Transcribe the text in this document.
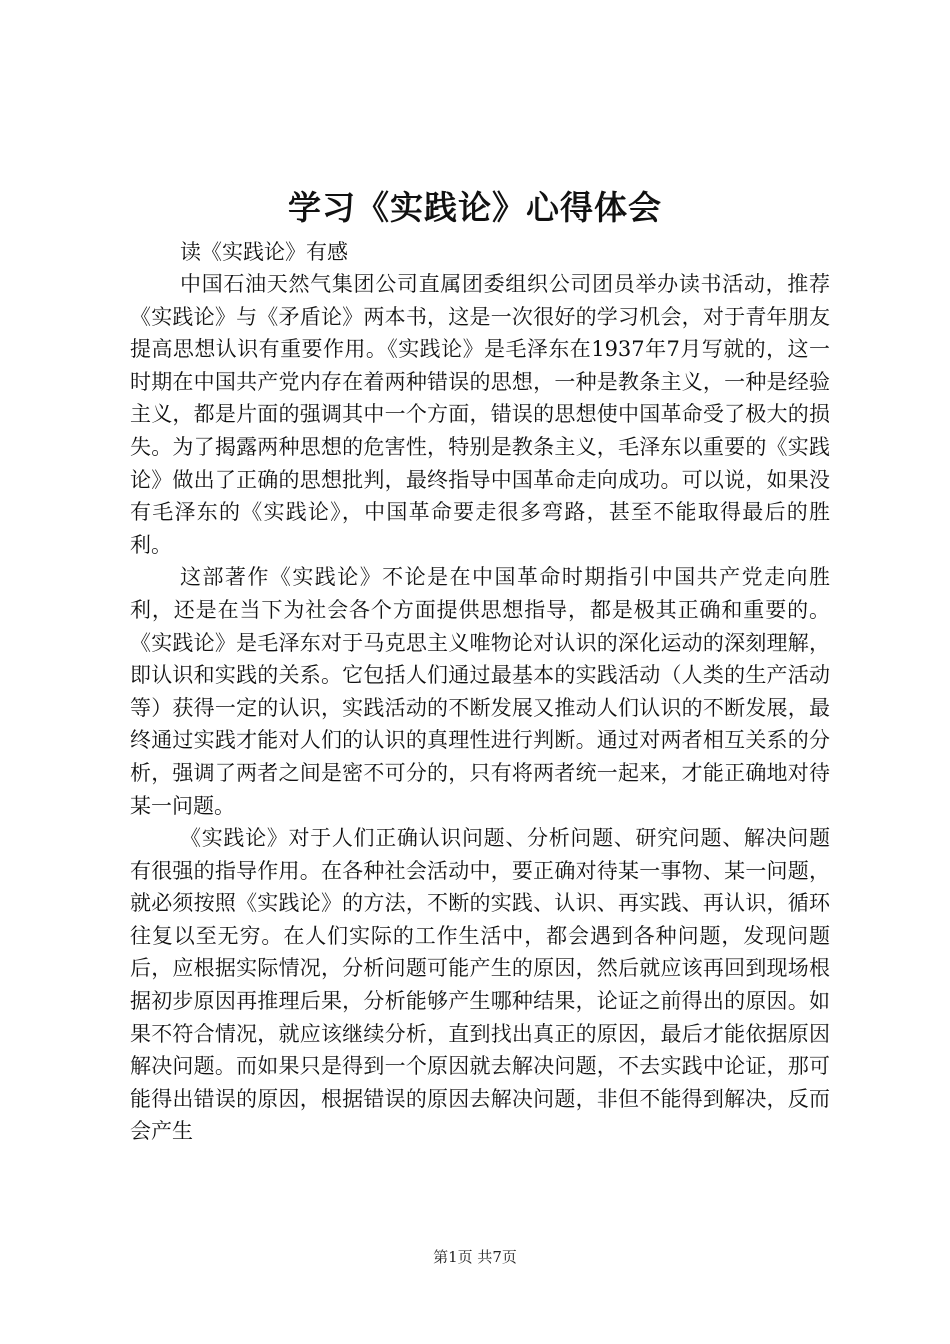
学习《实践论》心得体会
读《实践论》有感

中国石油天然气集团公司直属团委组织公司团员举办读书活动，推荐《实践论》与《矛盾论》两本书，这是一次很好的学习机会，对于青年朋友提高思想认识有重要作用。《实践论》是毛泽东在1937年7月写就的，这一时期在中国共产党内存在着两种错误的思想，一种是教条主义，一种是经验主义，都是片面的强调其中一个方面，错误的思想使中国革命受了极大的损失。为了揭露两种思想的危害性，特别是教条主义，毛泽东以重要的《实践论》做出了正确的思想批判，最终指导中国革命走向成功。可以说，如果没有毛泽东的《实践论》，中国革命要走很多弯路，甚至不能取得最后的胜利。

这部著作《实践论》不论是在中国革命时期指引中国共产党走向胜利，还是在当下为社会各个方面提供思想指导，都是极其正确和重要的。《实践论》是毛泽东对于马克思主义唯物论对认识的深化运动的深刻理解，即认识和实践的关系。它包括人们通过最基本的实践活动（人类的生产活动等）获得一定的认识，实践活动的不断发展又推动人们认识的不断发展，最终通过实践才能对人们的认识的真理性进行判断。通过对两者相互关系的分析，强调了两者之间是密不可分的，只有将两者统一起来，才能正确地对待某一问题。

《实践论》对于人们正确认识问题、分析问题、研究问题、解决问题有很强的指导作用。在各种社会活动中，要正确对待某一事物、某一问题，就必须按照《实践论》的方法，不断的实践、认识、再实践、再认识，循环往复以至无穷。在人们实际的工作生活中，都会遇到各种问题，发现问题后，应根据实际情况，分析问题可能产生的原因，然后就应该再回到现场根据初步原因再推理后果，分析能够产生哪种结果，论证之前得出的原因。如果不符合情况，就应该继续分析，直到找出真正的原因，最后才能依据原因解决问题。而如果只是得到一个原因就去解决问题，不去实践中论证，那可能得出错误的原因，根据错误的原因去解决问题，非但不能得到解决，反而会产生

第1页 共7页
